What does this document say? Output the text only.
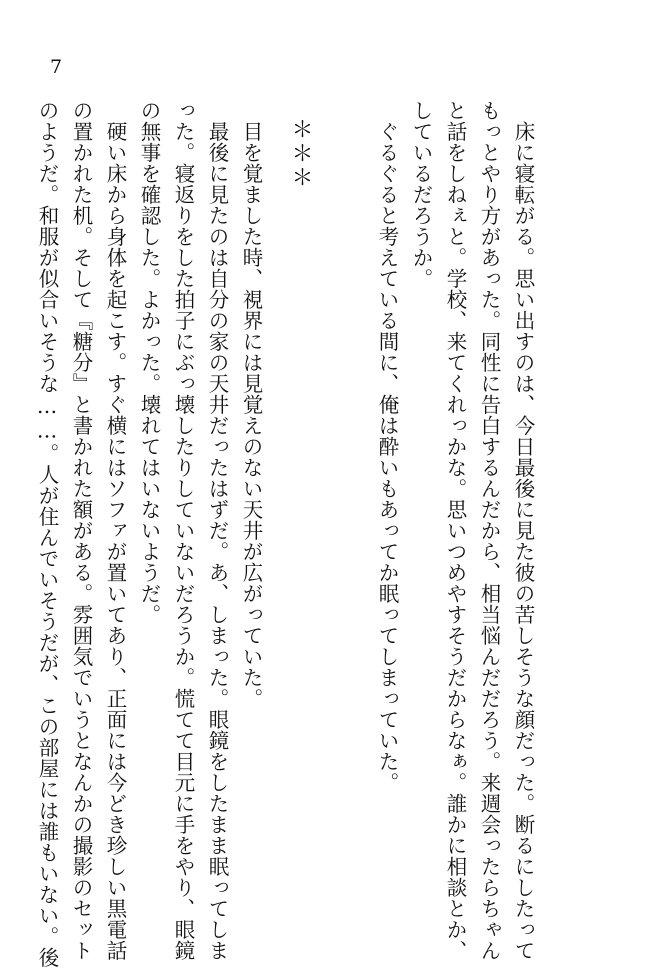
7
　床に寝転がる。思い出すのは、今日最後に見た彼の苦しそうな顔だった。断るにしたって
もっとやり方があった。同性に告白するんだから、相当悩んだだろう。来週会ったらちゃん
と話をしねぇと。学校、来てくれっかな。思いつめやすそうだからなぁ。誰かに相談とか、
しているだろうか。
　ぐるぐると考えている間に、俺は酔いもあってか眠ってしまっていた。
＊＊＊
　目を覚ました時、視界には見覚えのない天井が広がっていた。
　最後に見たのは自分の家の天井だったはずだ。あ、しまった。眼鏡をしたまま眠ってしま
った。寝返りをした拍子にぶっ壊したりしていないだろうか。慌てて目元に手をやり、眼鏡
の無事を確認した。よかった。壊れてはいないようだ。
　硬い床から身体を起こす。すぐ横にはソファが置いてあり、正面には今どき珍しい黒電話
の置かれた机。そして『糖分』と書かれた額がある。雰囲気でいうとなんかの撮影のセット
のようだ。和服が似合いそうな……。人が住んでいそうだが、この部屋には誰もいない。後
